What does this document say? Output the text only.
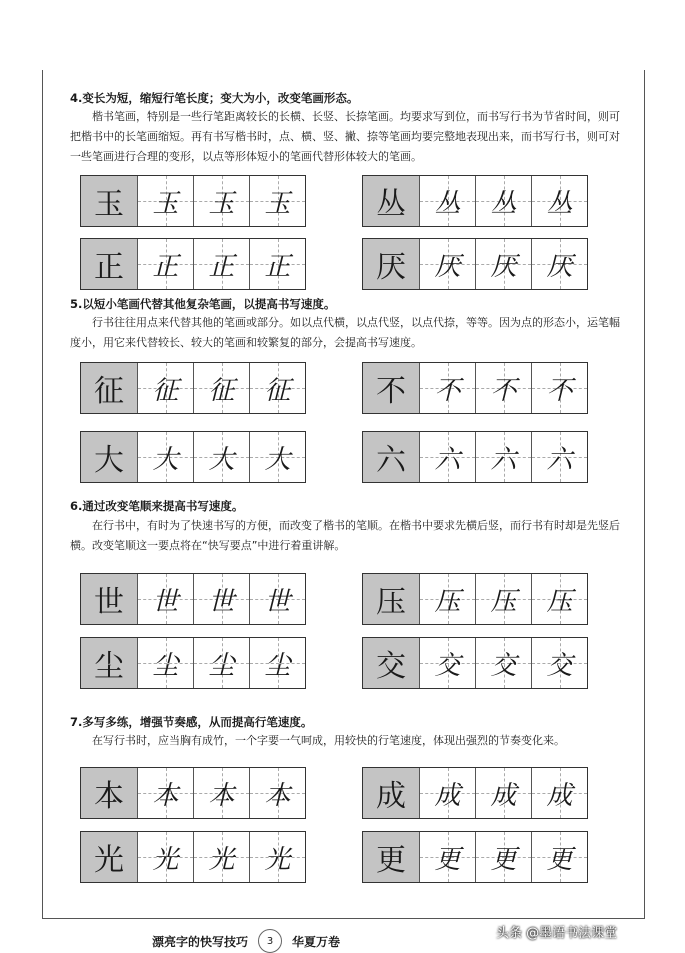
4.变长为短，缩短行笔长度；变大为小，改变笔画形态。

楷书笔画，特别是一些行笔距离较长的长横、长竖、长捺笔画。均要求写到位，而书写行书为节省时间，则可把楷书中的长笔画缩短。再有书写楷书时，点、横、竖、撇、捺等笔画均要完整地表现出来，而书写行书，则可对一些笔画进行合理的变形，以点等形体短小的笔画代替形体较大的笔画。

玉 玉 玉 玉	丛 丛 丛 丛
正 正 正 正	厌 厌 厌 厌
5.以短小笔画代替其他复杂笔画，以提高书写速度。

行书往往用点来代替其他的笔画或部分。如以点代横，以点代竖，以点代捺，等等。因为点的形态小，运笔幅度小，用它来代替较长、较大的笔画和较繁复的部分，会提高书写速度。

征 征 征 征	不 不 不 不
大 大 大 大	六 六 六 六
6.通过改变笔顺来提高书写速度。

在行书中，有时为了快速书写的方便，而改变了楷书的笔顺。在楷书中要求先横后竖，而行书有时却是先竖后横。改变笔顺这一要点将在“快写要点”中进行着重讲解。

世 世 世 世	压 压 压 压
尘 尘 尘 尘	交 交 交 交
7.多写多练，增强节奏感，从而提高行笔速度。

在写行书时，应当胸有成竹，一个字要一气呵成，用较快的行笔速度，体现出强烈的节奏变化来。

本 本 本 本	成 成 成 成
光 光 光 光	更 更 更 更
漂亮字的快写技巧	3	华夏万卷
头条 @墨语书法课堂
